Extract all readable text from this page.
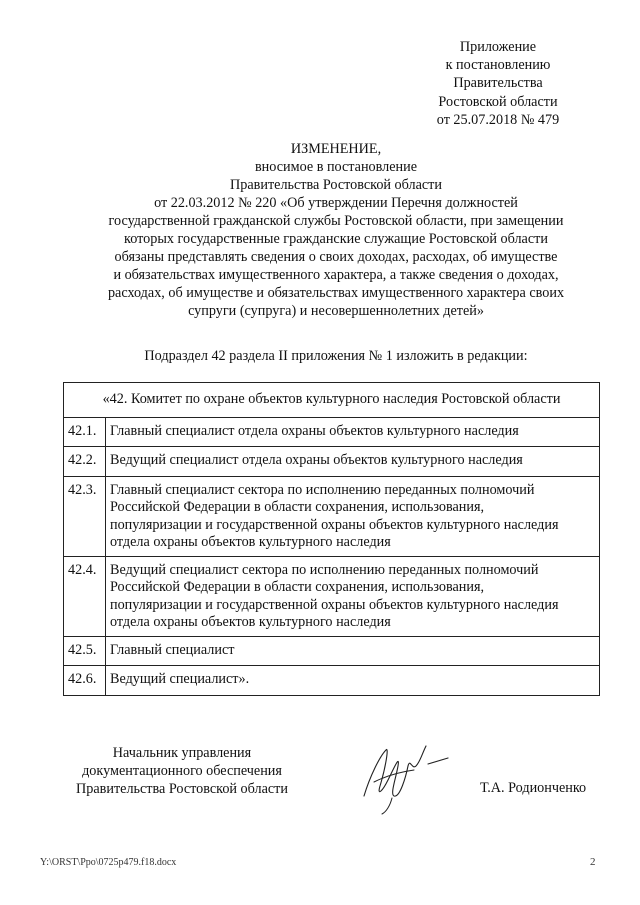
Приложение
к постановлению
Правительства
Ростовской области
от 25.07.2018 № 479
ИЗМЕНЕНИЕ,
вносимое в постановление
Правительства Ростовской области
от 22.03.2012 № 220 «Об утверждении Перечня должностей
государственной гражданской службы Ростовской области, при замещении
которых государственные гражданские служащие Ростовской области
обязаны представлять сведения о своих доходах, расходах, об имуществе
и обязательствах имущественного характера, а также сведения о доходах,
расходах, об имуществе и обязательствах имущественного характера своих
супруги (супруга) и несовершеннолетних детей»
Подраздел 42 раздела II приложения № 1 изложить в редакции:
«42. Комитет по охране объектов культурного наследия Ростовской области	
42.1.	Главный специалист отдела охраны объектов культурного наследия

42.2.	Ведущий специалист отдела охраны объектов культурного наследия

42.3.	Главный специалист сектора по исполнению переданных полномочий
Российской Федерации в области сохранения, использования,
популяризации и государственной охраны объектов культурного наследия
отдела охраны объектов культурного наследия

42.4.	Ведущий специалист сектора по исполнению переданных полномочий
Российской Федерации в области сохранения, использования,
популяризации и государственной охраны объектов культурного наследия
отдела охраны объектов культурного наследия

42.5.	Главный специалист

42.6.	Ведущий специалист».
Начальник управления
документационного обеспечения
Правительства Ростовской области	Т.А. Родионченко
Y:\ORST\Ppo\0725p479.f18.docx	2
